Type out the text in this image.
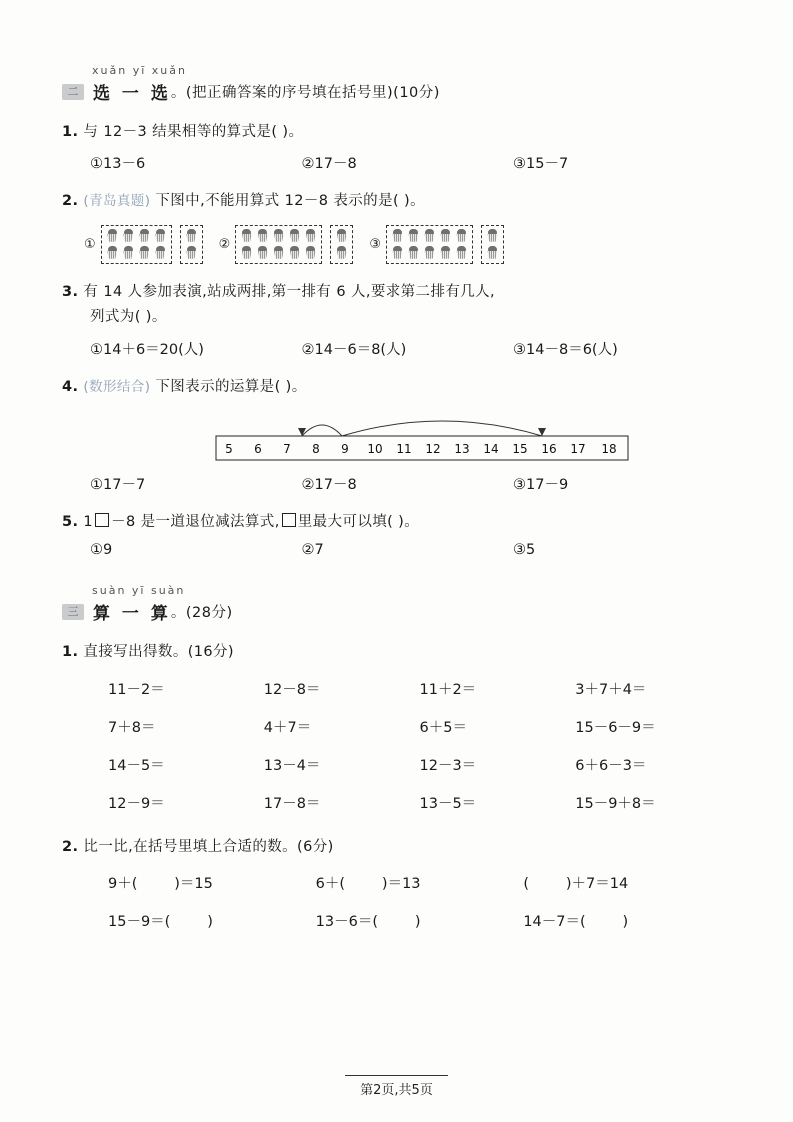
xuǎn yī xuǎn
二 选 一 选 。(把正确答案的序号填在括号里)(10分)
1. 与 12－3 结果相等的算式是( )。
①13－6	②17－8	③15－7
2. (青岛真题) 下图中,不能用算式 12－8 表示的是( )。
①	②	③
3. 有 14 人参加表演,站成两排,第一排有 6 人,要求第二排有几人,
列式为( )。
①14＋6＝20(人)	②14－6＝8(人)	③14－8＝6(人)
4. (数形结合) 下图表示的运算是( )。
5 6 7 8 9 10 11 12 13 14 15 16 17 18
①17－7	②17－8	③17－9
5. 1 －8 是一道退位减法算式, 里最大可以填( )。
①9	②7	③5
suàn yī suàn
三 算 一 算 。(28分)
1. 直接写出得数。(16分)
11－2＝	12－8＝	11＋2＝	3＋7＋4＝
7＋8＝	4＋7＝	6＋5＝	15－6－9＝
14－5＝	13－4＝	12－3＝	6＋6－3＝
12－9＝	17－8＝	13－5＝	15－9＋8＝
2. 比一比,在括号里填上合适的数。(6分)
9＋(        )＝15	6＋(        )＝13	(        )＋7＝14
15－9＝(        )	13－6＝(        )	14－7＝(        )
第2页,共5页
